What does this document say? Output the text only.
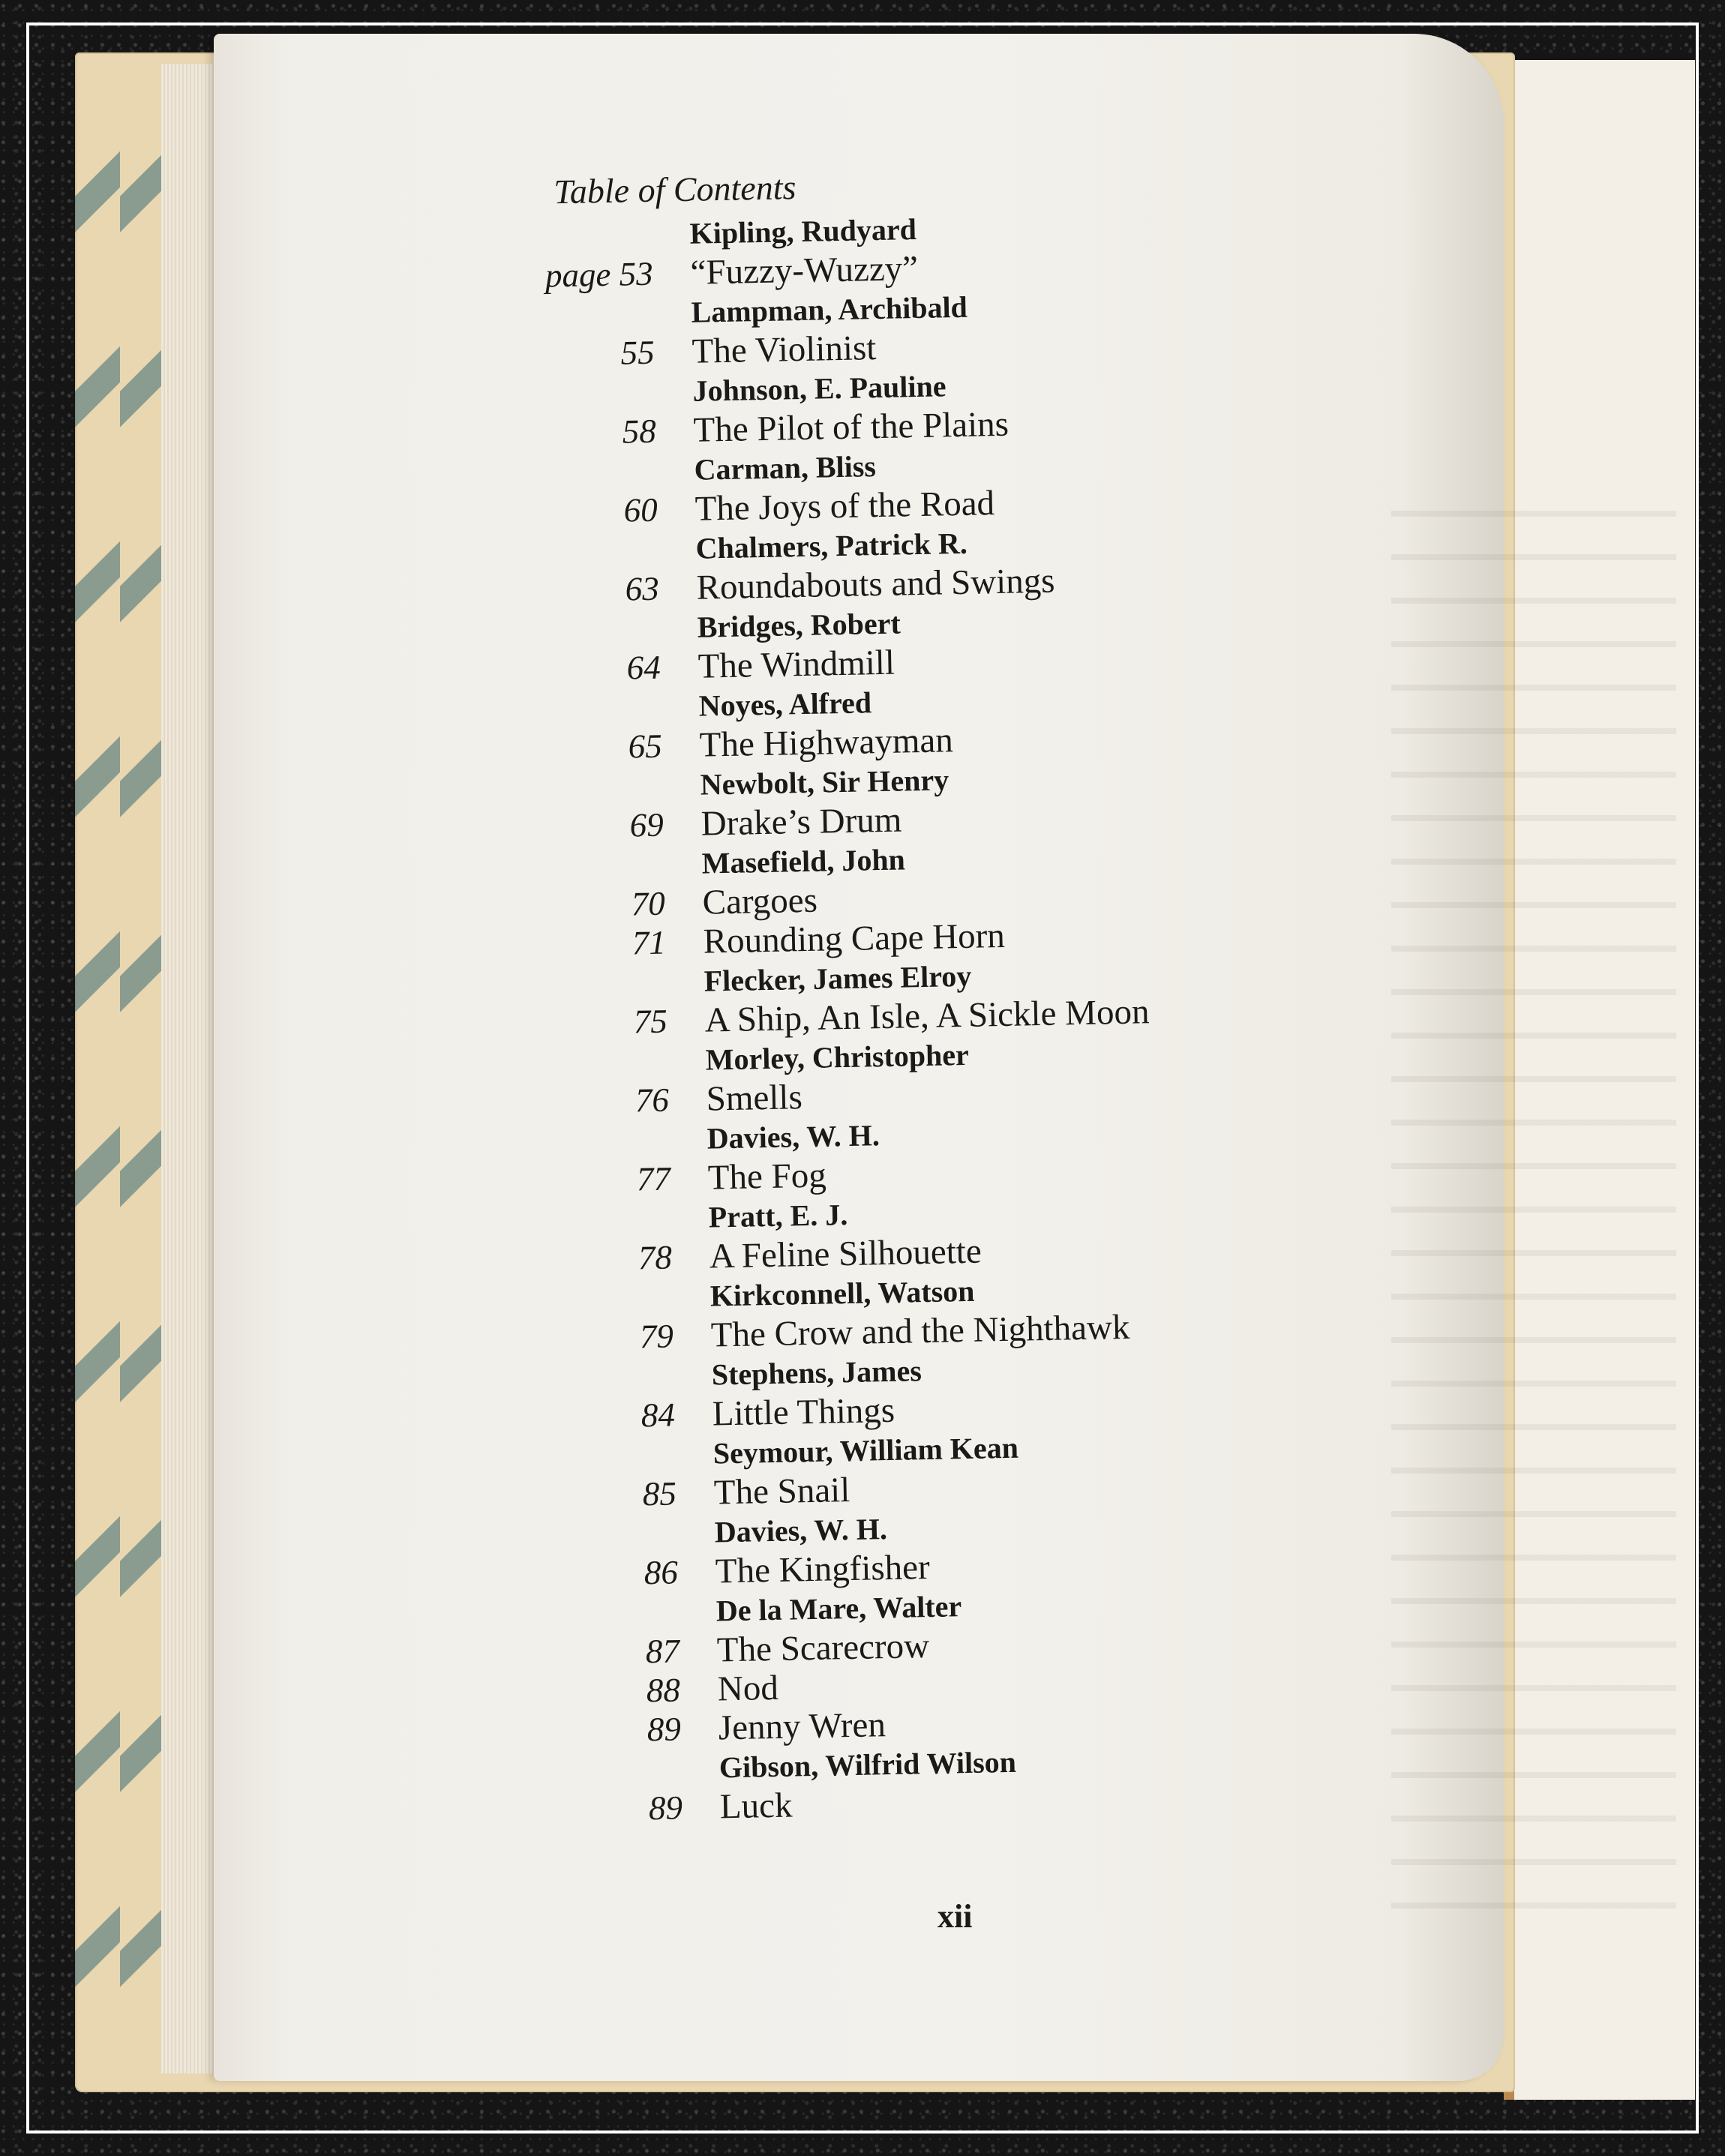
Table of Contents
Kipling, Rudyard
page 53	“Fuzzy-Wuzzy”
Lampman, Archibald
55	The Violinist
Johnson, E. Pauline
58	The Pilot of the Plains
Carman, Bliss
60	The Joys of the Road
Chalmers, Patrick R.
63	Roundabouts and Swings
Bridges, Robert
64	The Windmill
Noyes, Alfred
65	The Highwayman
Newbolt, Sir Henry
69	Drake’s Drum
Masefield, John
70	Cargoes
71	Rounding Cape Horn
Flecker, James Elroy
75	A Ship, An Isle, A Sickle Moon
Morley, Christopher
76	Smells
Davies, W. H.
77	The Fog
Pratt, E. J.
78	A Feline Silhouette
Kirkconnell, Watson
79	The Crow and the Nighthawk
Stephens, James
84	Little Things
Seymour, William Kean
85	The Snail
Davies, W. H.
86	The Kingfisher
De la Mare, Walter
87	The Scarecrow
88	Nod
89	Jenny Wren
Gibson, Wilfrid Wilson
89	Luck
xii
